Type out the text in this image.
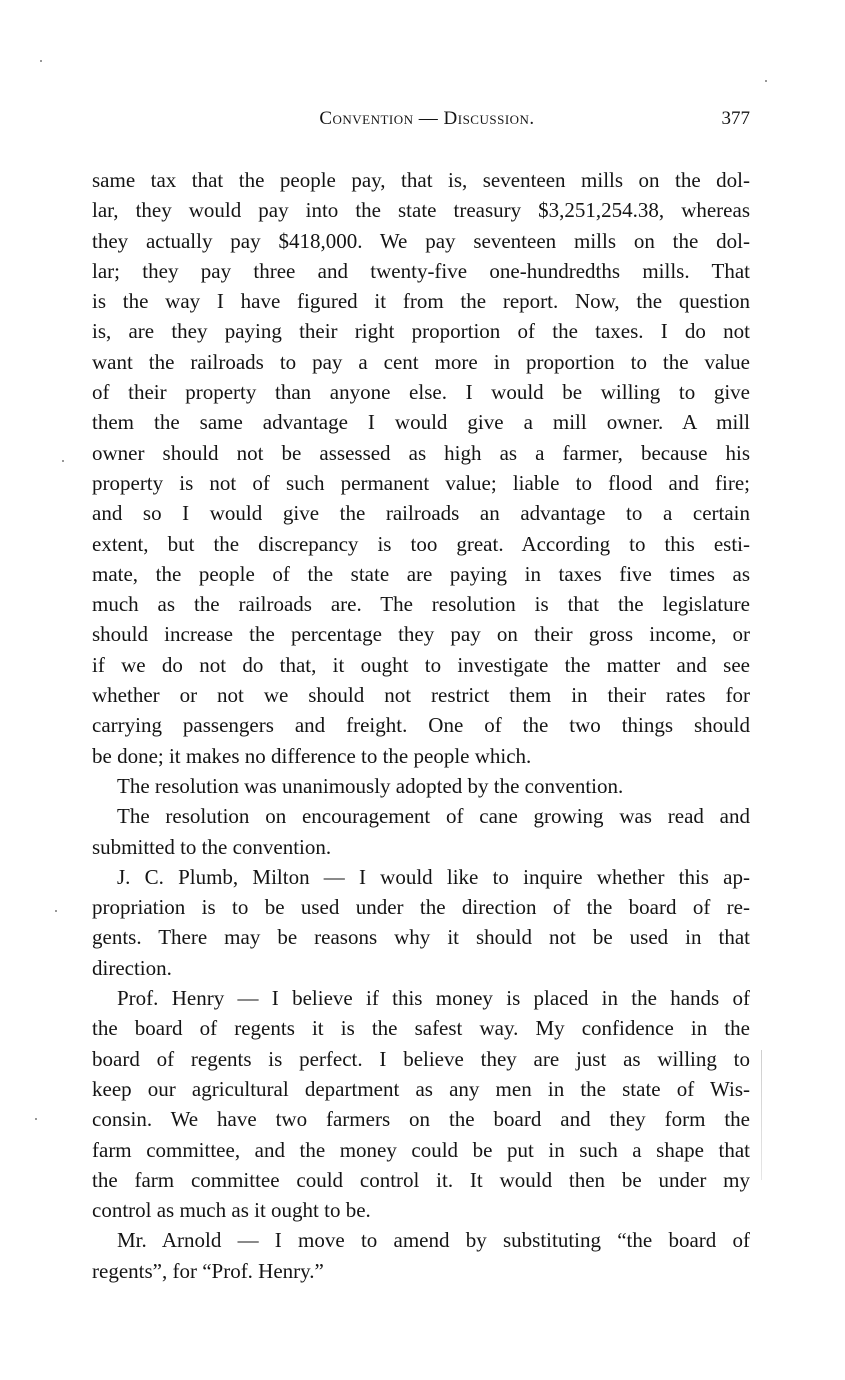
Convention — Discussion.	377
same tax that the people pay, that is, seventeen mills on the dol-
lar, they would pay into the state treasury $3,251,254.38, whereas
they actually pay $418,000. We pay seventeen mills on the dol-
lar; they pay three and twenty-five one-hundredths mills. That
is the way I have figured it from the report. Now, the question
is, are they paying their right proportion of the taxes. I do not
want the railroads to pay a cent more in proportion to the value
of their property than anyone else. I would be willing to give
them the same advantage I would give a mill owner. A mill
owner should not be assessed as high as a farmer, because his
property is not of such permanent value; liable to flood and fire;
and so I would give the railroads an advantage to a certain
extent, but the discrepancy is too great. According to this esti-
mate, the people of the state are paying in taxes five times as
much as the railroads are. The resolution is that the legislature
should increase the percentage they pay on their gross income, or
if we do not do that, it ought to investigate the matter and see
whether or not we should not restrict them in their rates for
carrying passengers and freight. One of the two things should
be done; it makes no difference to the people which.
The resolution was unanimously adopted by the convention.
The resolution on encouragement of cane growing was read and
submitted to the convention.
J. C. Plumb, Milton — I would like to inquire whether this ap-
propriation is to be used under the direction of the board of re-
gents. There may be reasons why it should not be used in that
direction.
Prof. Henry — I believe if this money is placed in the hands of
the board of regents it is the safest way. My confidence in the
board of regents is perfect. I believe they are just as willing to
keep our agricultural department as any men in the state of Wis-
consin. We have two farmers on the board and they form the
farm committee, and the money could be put in such a shape that
the farm committee could control it. It would then be under my
control as much as it ought to be.
Mr. Arnold — I move to amend by substituting “the board of
regents”, for “Prof. Henry.”
